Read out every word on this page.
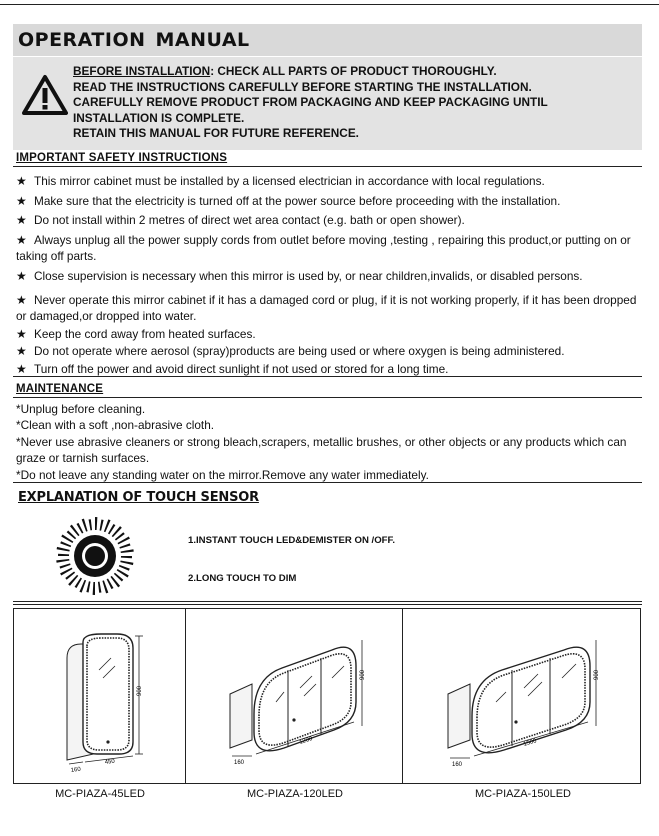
OPERATION MANUAL
BEFORE INSTALLATION: CHECK ALL PARTS OF PRODUCT THOROUGHLY.
READ THE INSTRUCTIONS CAREFULLY BEFORE STARTING THE INSTALLATION.
CAREFULLY REMOVE PRODUCT FROM PACKAGING AND KEEP PACKAGING UNTIL
INSTALLATION IS COMPLETE.
RETAIN THIS MANUAL FOR FUTURE REFERENCE.
IMPORTANT SAFETY INSTRUCTIONS
★ This mirror cabinet must be installed by a licensed electrician in accordance with local regulations.
★ Make sure that the electricity is turned off at the power source before proceeding with the installation.
★ Do not install within 2 metres of direct wet area contact (e.g. bath or open shower).
★ Always unplug all the power supply cords from outlet before moving ,testing , repairing this product,or putting on or taking off parts.
★ Close supervision is necessary when this mirror is used by, or near children,invalids, or disabled persons.
★ Never operate this mirror cabinet if it has a damaged cord or plug, if it is not working properly, if it has been dropped or damaged,or dropped into water.
★ Keep the cord away from heated surfaces.
★ Do not operate where aerosol (spray)products are being used or where oxygen is being administered.
★ Turn off the power and avoid direct sunlight if not used or stored for a long time.
MAINTENANCE
*Unplug before cleaning.
*Clean with a soft ,non-abrasive cloth.
*Never use abrasive cleaners or strong bleach,scrapers, metallic brushes, or other objects or any products which can graze or tarnish surfaces.
*Do not leave any standing water on the mirror.Remove any water immediately.
EXPLANATION OF TOUCH SENSOR
1.INSTANT TOUCH LED&DEMISTER ON /OFF.
2.LONG TOUCH TO DIM
900
450
160
900
1200
160
900
1500
160
MC-PIAZA-45LED	MC-PIAZA-120LED	MC-PIAZA-150LED
